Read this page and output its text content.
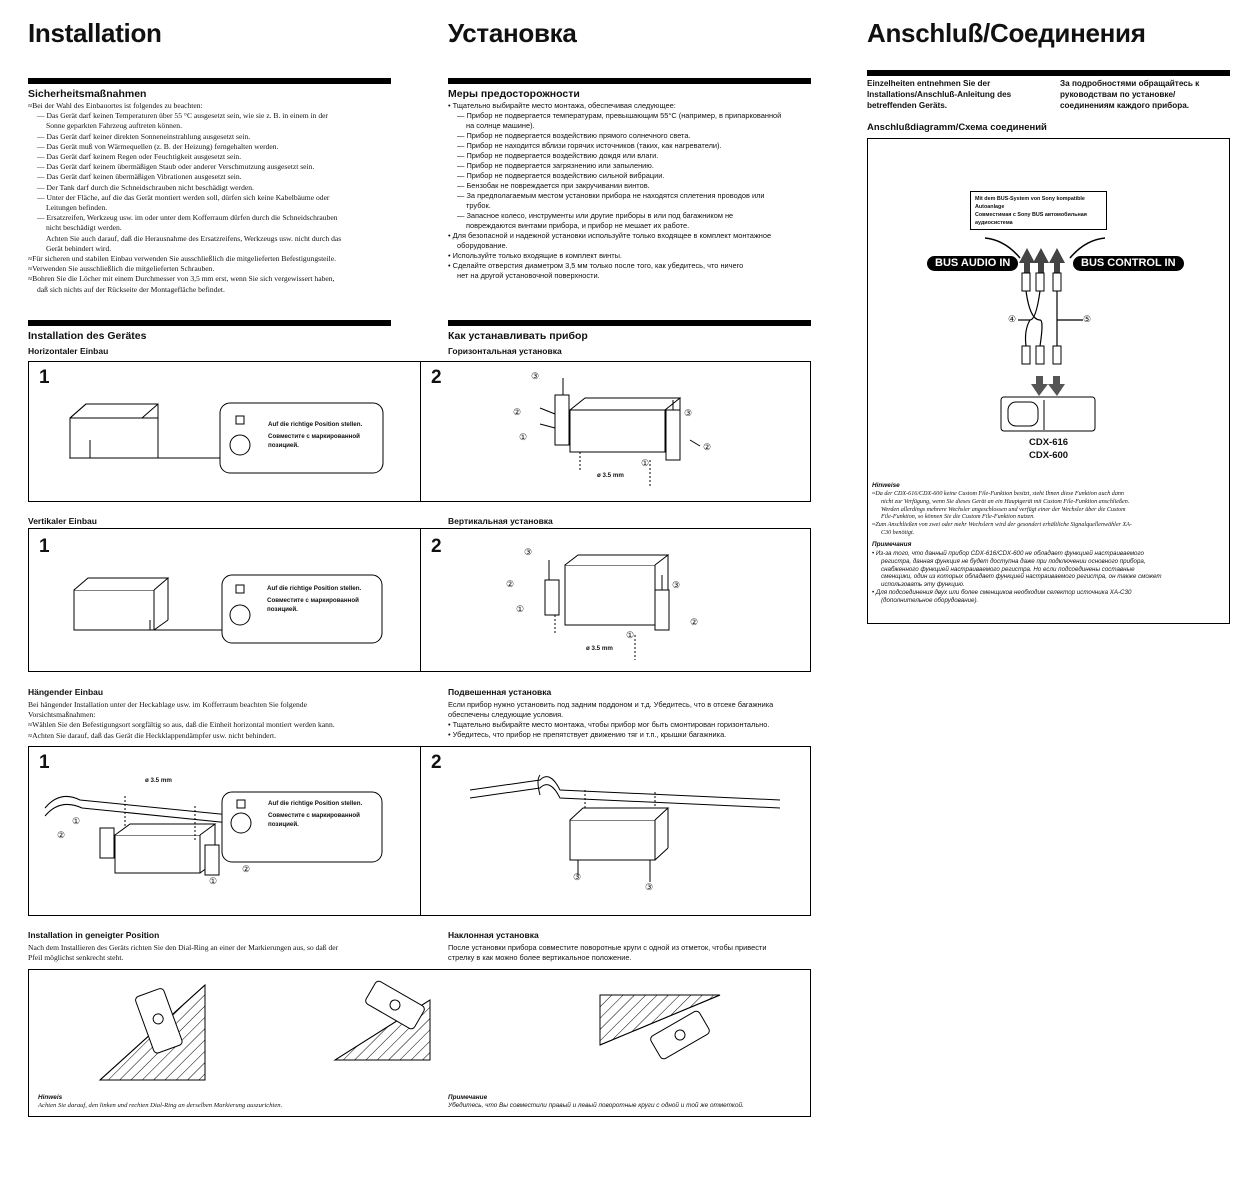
Installation	Установка	Anschluß/Соединения
Sicherheitsmaßnahmen
≈Bei der Wahl des Einbauortes ist folgendes zu beachten:
— Das Gerät darf keinen Temperaturen über 55 °C ausgesetzt sein, wie sie z. B. in einem in der
Sonne geparkten Fahrzeug auftreten können.
— Das Gerät darf keiner direkten Sonneneinstrahlung ausgesetzt sein.
— Das Gerät muß von Wärmequellen (z. B. der Heizung) ferngehalten werden.
— Das Gerät darf keinem Regen oder Feuchtigkeit ausgesetzt sein.
— Das Gerät darf keinem übermäßigen Staub oder anderer Verschmutzung ausgesetzt sein.
— Das Gerät darf keinen übermäßigen Vibrationen ausgesetzt sein.
— Der Tank darf durch die Schneidschrauben nicht beschädigt werden.
— Unter der Fläche, auf die das Gerät montiert werden soll, dürfen sich keine Kabelbäume oder
Leitungen befinden.
— Ersatzreifen, Werkzeug usw. im oder unter dem Kofferraum dürfen durch die Schneidschrauben
nicht beschädigt werden.
Achten Sie auch darauf, daß die Herausnahme des Ersatzreifens, Werkzeugs usw. nicht durch das
Gerät behindert wird.
≈Für sicheren und stabilen Einbau verwenden Sie ausschließlich die mitgelieferten Befestigungsteile.
≈Verwenden Sie ausschließlich die mitgelieferten Schrauben.
≈Bohren Sie die Löcher mit einem Durchmesser von 3,5 mm erst, wenn Sie sich vergewissert haben,
daß sich nichts auf der Rückseite der Montagefläche befindet.
Меры предосторожности
• Тщательно выбирайте место монтажа, обеспечивая следующее:
— Прибор не подвергается температурам, превышающим 55°C (например, в припаркованной
на солнце машине).
— Прибор не подвергается воздействию прямого солнечного света.
— Прибор не находится вблизи горячих источников (таких, как нагреватели).
— Прибор не подвергается воздействию дождя или влаги.
— Прибор не подвергается загрязнению или запылению.
— Прибор не подвергается воздействию сильной вибрации.
— Бензобак не повреждается при закручивании винтов.
— За предполагаемым местом установки прибора не находятся сплетения проводов или
трубок.
— Запасное колесо, инструменты или другие приборы в или под багажником не
повреждаются винтами прибора, и прибор не мешает их работе.
• Для безопасной и надежной установки используйте только входящее в комплект монтажное
оборудование.
• Используйте только входящие в комплект винты.
• Сделайте отверстия диаметром 3,5 мм только после того, как убедитесь, что ничего
нет на другой установочной поверхности.
Einzelheiten entnehmen Sie der
Installations/Anschluß-Anleitung des
betreffenden Geräts.
За подробностями обращайтесь к
руководствам по установке/
соединениям каждого прибора.
Anschlußdiagramm/Схема соединений
Mit dem BUS-System von Sony kompatible
Autoanlage
Совместимая с Sony BUS автомобильная
аудиосистема
BUS AUDIO IN	BUS CONTROL IN
④	⑤
CDX-616
CDX-600
Hinweise
≈Da der CDX-616/CDX-600 keine Custom File-Funktion besitzt, steht Ihnen diese Funktion auch dann
nicht zur Verfügung, wenn Sie dieses Gerät an ein Hauptgerät mit Custom File-Funktion anschließen.
Werden allerdings mehrere Wechsler angeschlossen und verfügt einer der Wechsler über die Custom
File-Funktion, so können Sie die Custom File-Funktion nutzen.
≈Zum Anschließen von zwei oder mehr Wechslern wird der gesondert erhältliche Signalquellenwähler XA-
C30 benötigt.
Примечания
• Из-за того, что данный прибор CDX-616/CDX-600 не обладает функцией настраиваемого
регистра, данная функция не будет доступна даже при подключении основного прибора,
снабженного функцией настраиваемого регистра. Но если подсоединены составные
сменщики, один из которых обладает функцией настраиваемого регистра, он также сможет
использовать эту функцию.
• Для подсоединения двух или более сменщиков необходим селектор источника XA-C30
(дополнительное оборудование).
Installation des Gerätes	Как устанавливать прибор
Horizontaler Einbau	Горизонтальная установка
1	2
Auf die richtige Position stellen.
Совместите с маркированной
позицией.
③
②
①
③
②
①
ø 3.5 mm
Vertikaler Einbau	Вертикальная установка
1	2
Auf die richtige Position stellen.
Совместите с маркированной
позицией.
③
②
①
③
②
①
ø 3.5 mm
Hängender Einbau	Подвешенная установка
Bei hängender Installation unter der Heckablage usw. im Kofferraum beachten Sie folgende
Vorsichtsmaßnahmen:
≈Wählen Sie den Befestigungsort sorgfältig so aus, daß die Einheit horizontal montiert werden kann.
≈Achten Sie darauf, daß das Gerät die Heckklappendämpfer usw. nicht behindert.
Если прибор нужно установить под задним поддоном и т.д. Убедитесь, что в отсеке багажника
обеспечены следующие условия.
• Тщательно выбирайте место монтажа, чтобы прибор мог быть смонтирован горизонтально.
• Убедитесь, что прибор не препятствует движению тяг и т.п., крышки багажника.
1	2
ø 3.5 mm
Auf die richtige Position stellen.
Совместите с маркированной
позицией.
①
②
②
①	③
③
Installation in geneigter Position	Наклонная установка
Nach dem Installieren des Geräts richten Sie den Dial-Ring an einer der Markierungen aus, so daß der
Pfeil möglichst senkrecht steht.
После установки прибора совместите поворотные круги с одной из отметок, чтобы привести
стрелку в как можно более вертикальное положение.
Hinweis
Achten Sie darauf, den linken und rechten Dial-Ring an derselben Markierung auszurichten.
Примечание
Убедитесь, что Вы совместили правый и левый поворотные круги с одной и той же отметкой.
